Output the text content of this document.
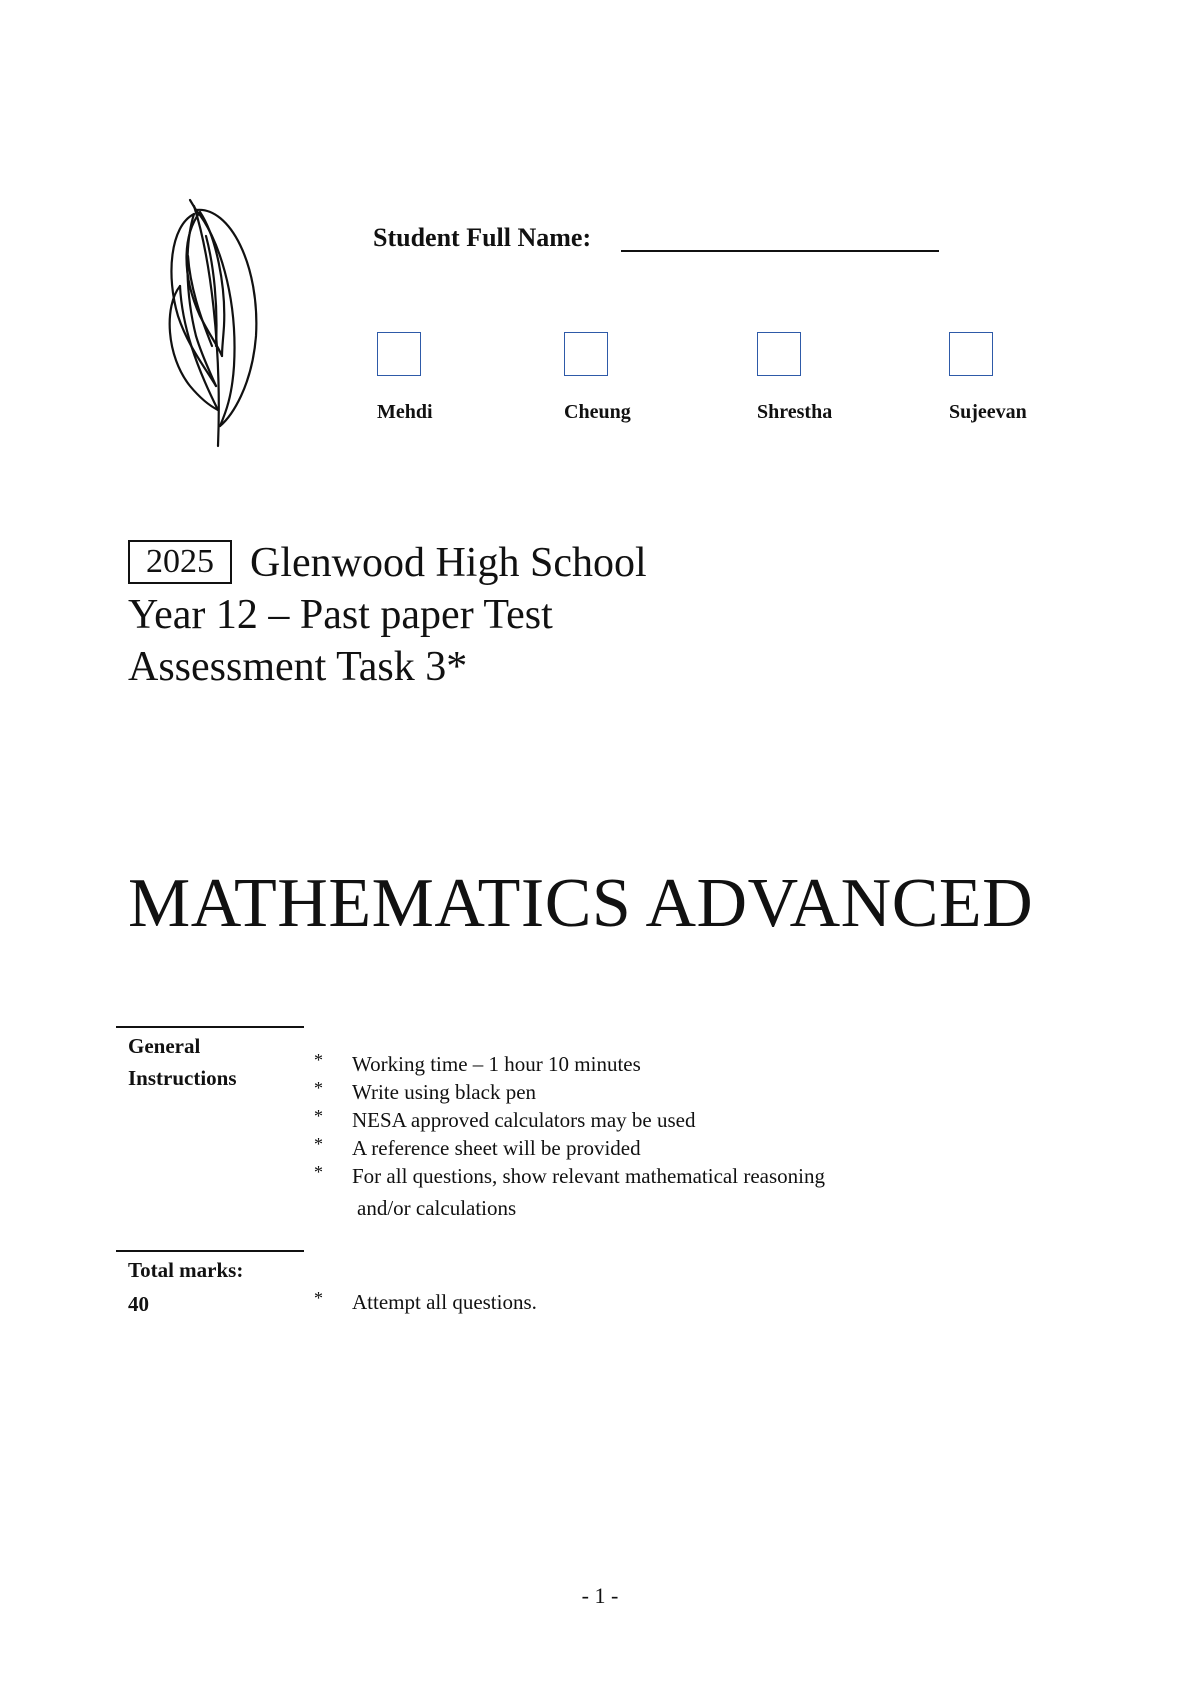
Student Full Name:
Mehdi	Cheung	Shrestha	Sujeevan
2025 Glenwood High School
Year 12 – Past paper Test
Assessment Task 3*
MATHEMATICS ADVANCED
General
Instructions
* Working time – 1 hour 10 minutes
* Write using black pen
* NESA approved calculators may be used
* A reference sheet will be provided
* For all questions, show relevant mathematical reasoning
and/or calculations
Total marks:
40	* Attempt all questions.
- 1 -
